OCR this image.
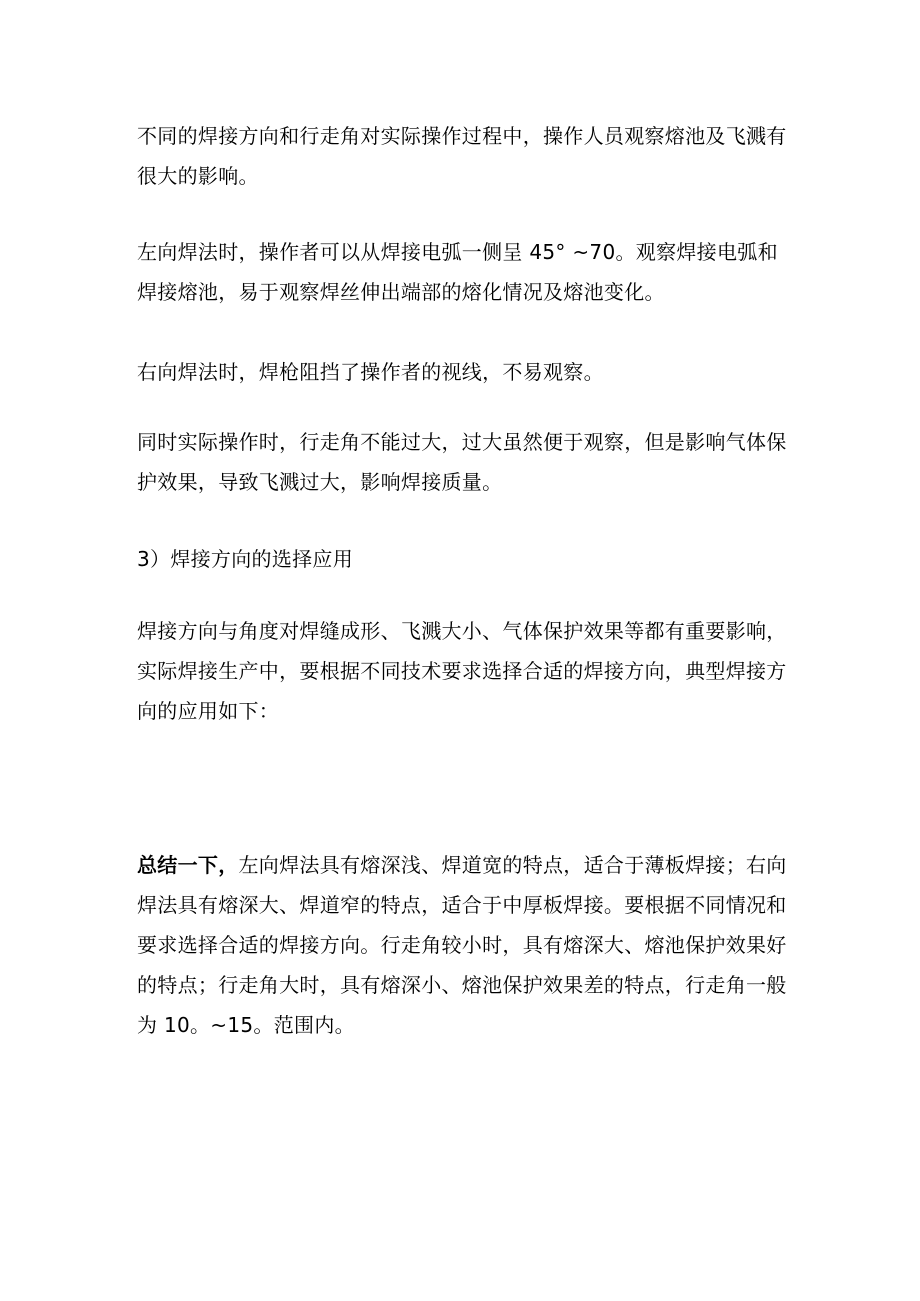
不同的焊接方向和行走角对实际操作过程中，操作人员观察熔池及飞溅有很大的影响。

左向焊法时，操作者可以从焊接电弧一侧呈 45° ~70。观察焊接电弧和焊接熔池，易于观察焊丝伸出端部的熔化情况及熔池变化。

右向焊法时，焊枪阻挡了操作者的视线，不易观察。

同时实际操作时，行走角不能过大，过大虽然便于观察，但是影响气体保护效果，导致飞溅过大，影响焊接质量。

3）焊接方向的选择应用

焊接方向与角度对焊缝成形、飞溅大小、气体保护效果等都有重要影响，实际焊接生产中，要根据不同技术要求选择合适的焊接方向，典型焊接方向的应用如下：

总结一下，左向焊法具有熔深浅、焊道宽的特点，适合于薄板焊接；右向焊法具有熔深大、焊道窄的特点，适合于中厚板焊接。要根据不同情况和要求选择合适的焊接方向。行走角较小时，具有熔深大、熔池保护效果好的特点；行走角大时，具有熔深小、熔池保护效果差的特点，行走角一般为 10。~15。范围内。
